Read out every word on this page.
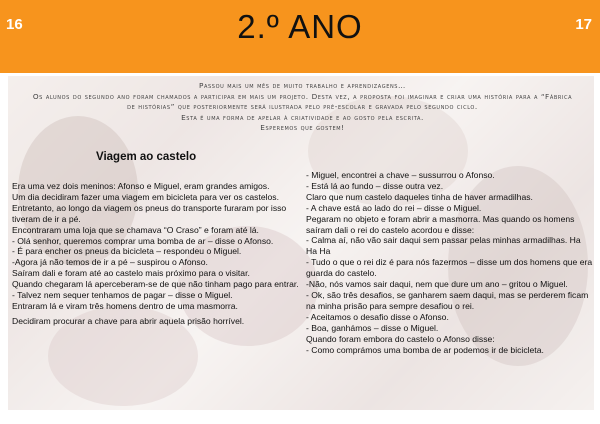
16	2.º ANO	17

Passou mais um mês de muito trabalho e aprendizagens…

Os alunos do segundo ano foram chamados a participar em mais um projeto. Desta vez, a proposta foi imaginar e criar uma história para a “Fábrica de histórias” que posteriormente será ilustrada pelo pré-escolar e gravada pelo segundo ciclo.

Esta é uma forma de apelar à criatividade e ao gosto pela escrita.

Esperemos que gostem!

Viagem ao castelo

Era uma vez dois meninos: Afonso e Miguel, eram grandes amigos.

Um dia decidiram fazer uma viagem em bicicleta para ver os castelos.

Entretanto, ao longo da viagem os pneus do transporte furaram por isso tiveram de ir a pé.

Encontraram uma loja que se chamava “O Craso” e foram até lá.

- Olá senhor, queremos comprar uma bomba de ar – disse o Afonso.

- É para encher os pneus da bicicleta – respondeu o Miguel.

-Agora já não temos de ir a pé – suspirou o Afonso.

Saíram dali e foram até ao castelo mais próximo para o visitar.

Quando chegaram lá aperceberam-se de que não tinham pago para entrar.

- Talvez nem sequer tenhamos de pagar – disse o Miguel.

Entraram lá e viram três homens dentro de uma masmorra.

Decidiram procurar a chave para abrir aquela prisão horrível.

- Miguel, encontrei a chave – sussurrou o Afonso.

- Está lá ao fundo – disse outra vez.

Claro que num castelo daqueles tinha de haver armadilhas.

- A chave está ao lado do rei – disse o Miguel.

Pegaram no objeto e foram abrir a masmorra. Mas quando os homens saíram dali o rei do castelo acordou e disse:

- Calma aí, não vão sair daqui sem passar pelas minhas armadilhas. Ha Ha Ha

- Tudo o que o rei diz é para nós fazermos – disse um dos homens que era guarda do castelo.

-Não, nós vamos sair daqui, nem que dure um ano – gritou o Miguel.

- Ok, são três desafios, se ganharem saem daqui, mas se perderem ficam na minha prisão para sempre desafiou o rei.

- Aceitamos o desafio disse o Afonso.

- Boa, ganhámos – disse o Miguel.

Quando foram embora do castelo o Afonso disse:

- Como comprámos uma bomba de ar podemos ir de bicicleta.
